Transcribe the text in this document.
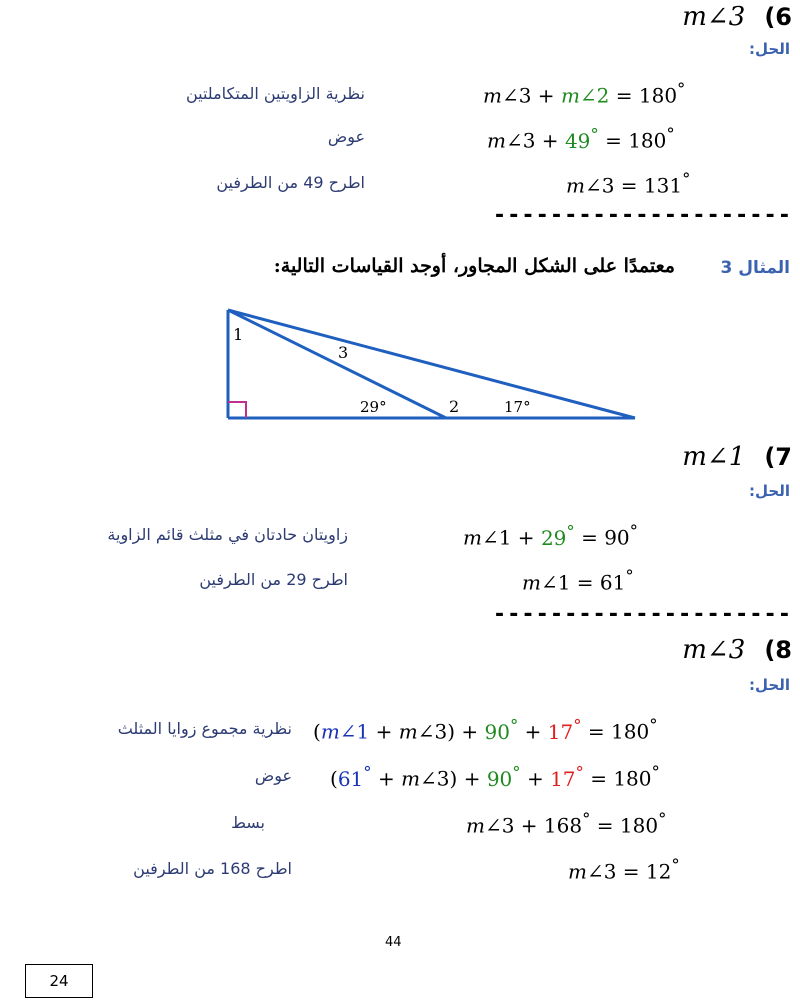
m∠3 (6
الحل:
m∠3 + m∠2 = 180°
نظرية الزاويتين المتكاملتين
m∠3 + 49° = 180°
عوض
m∠3 = 131°
اطرح 49 من الطرفين
---------------------
المثال 3
معتمدًا على الشكل المجاور، أوجد القياسات التالية:
1
3
29°	2	17°
m∠1 (7
الحل:
m∠1 + 29° = 90°
زاويتان حادتان في مثلث قائم الزاوية
m∠1 = 61°
اطرح 29 من الطرفين
---------------------
m∠3 (8
الحل:
(m∠1 + m∠3) + 90° + 17° = 180°
نظرية مجموع زوايا المثلث
(61° + m∠3) + 90° + 17° = 180°
عوض
m∠3 + 168° = 180°
بسط
m∠3 = 12°
اطرح 168 من الطرفين
44
24
